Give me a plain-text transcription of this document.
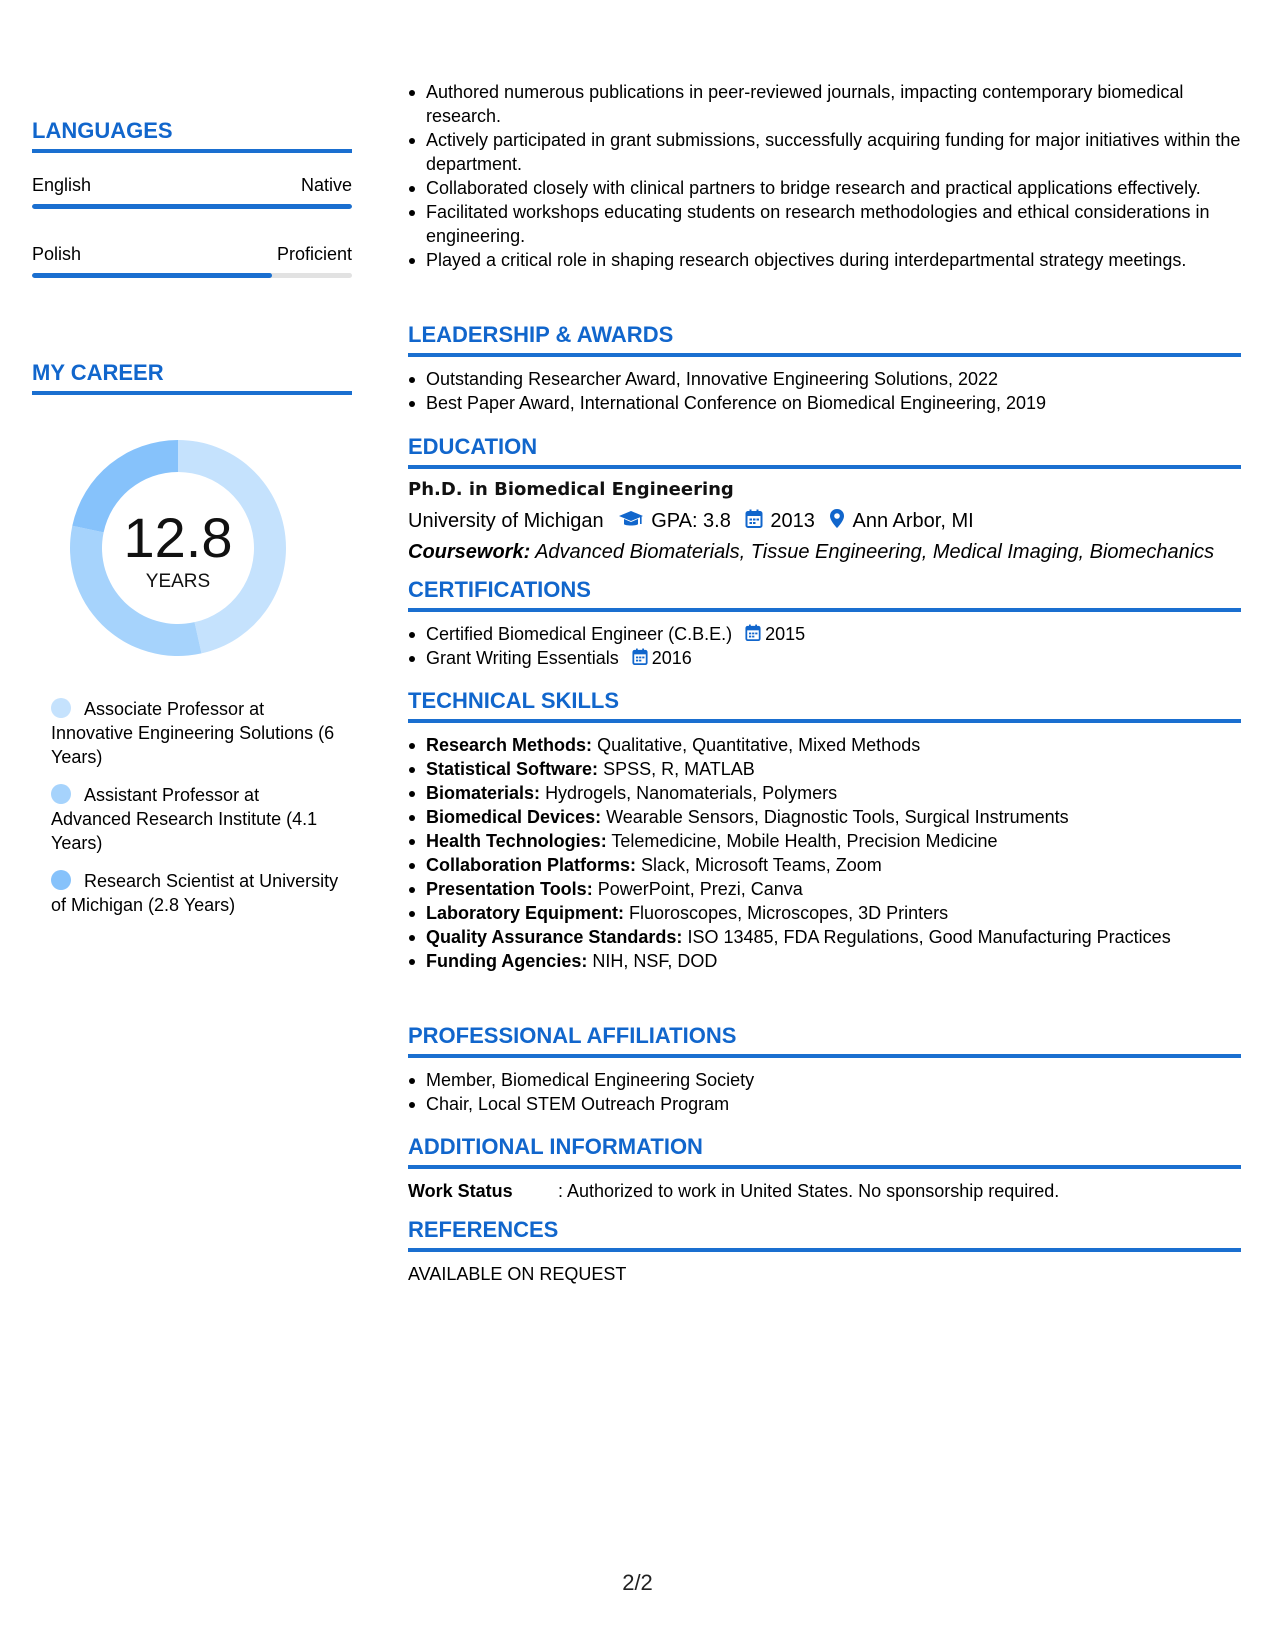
LANGUAGES
English	Native
Polish	Proficient
MY CAREER
12.8
YEARS
Associate Professor at Innovative Engineering Solutions (6 Years)
Assistant Professor at Advanced Research Institute (4.1 Years)
Research Scientist at University of Michigan (2.8 Years)
Authored numerous publications in peer-reviewed journals, impacting contemporary biomedical research.
Actively participated in grant submissions, successfully acquiring funding for major initiatives within the department.
Collaborated closely with clinical partners to bridge research and practical applications effectively.
Facilitated workshops educating students on research methodologies and ethical considerations in engineering.
Played a critical role in shaping research objectives during interdepartmental strategy meetings.
LEADERSHIP & AWARDS
Outstanding Researcher Award, Innovative Engineering Solutions, 2022
Best Paper Award, International Conference on Biomedical Engineering, 2019
EDUCATION
Ph.D. in Biomedical Engineering
University of Michigan GPA: 3.8 2013 Ann Arbor, MI
Coursework: Advanced Biomaterials, Tissue Engineering, Medical Imaging, Biomechanics
CERTIFICATIONS
Certified Biomedical Engineer (C.B.E.) 2015
Grant Writing Essentials 2016
TECHNICAL SKILLS
Research Methods: Qualitative, Quantitative, Mixed Methods
Statistical Software: SPSS, R, MATLAB
Biomaterials: Hydrogels, Nanomaterials, Polymers
Biomedical Devices: Wearable Sensors, Diagnostic Tools, Surgical Instruments
Health Technologies: Telemedicine, Mobile Health, Precision Medicine
Collaboration Platforms: Slack, Microsoft Teams, Zoom
Presentation Tools: PowerPoint, Prezi, Canva
Laboratory Equipment: Fluoroscopes, Microscopes, 3D Printers
Quality Assurance Standards: ISO 13485, FDA Regulations, Good Manufacturing Practices
Funding Agencies: NIH, NSF, DOD
PROFESSIONAL AFFILIATIONS
Member, Biomedical Engineering Society
Chair, Local STEM Outreach Program
ADDITIONAL INFORMATION
Work Status	: Authorized to work in United States. No sponsorship required.
REFERENCES
AVAILABLE ON REQUEST
2/2
